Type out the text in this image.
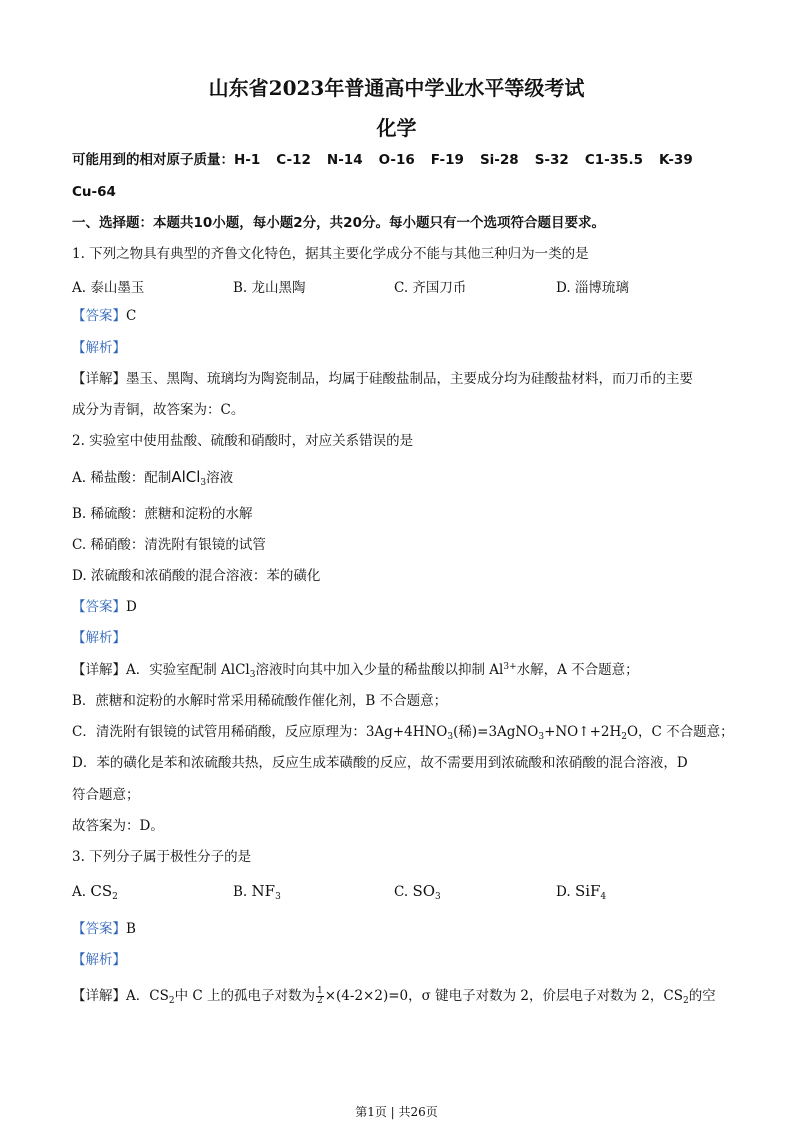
山东省2023年普通高中学业水平等级考试
化学
可能用到的相对原子质量：H-1 C-12 N-14 O-16 F-19 Si-28 S-32 C1-35.5 K-39
Cu-64
一、选择题：本题共10小题，每小题2分，共20分。每小题只有一个选项符合题目要求。
1. 下列之物具有典型的齐鲁文化特色，据其主要化学成分不能与其他三种归为一类的是
A. 泰山墨玉	B. 龙山黑陶	C. 齐国刀币	D. 淄博琉璃
【答案】C
【解析】
【详解】墨玉、黑陶、琉璃均为陶瓷制品，均属于硅酸盐制品，主要成分均为硅酸盐材料，而刀币的主要
成分为青铜，故答案为：C。
2. 实验室中使用盐酸、硫酸和硝酸时，对应关系错误的是
A. 稀盐酸：配制AlCl$_3$溶液
B. 稀硫酸：蔗糖和淀粉的水解
C. 稀硝酸：清洗附有银镜的试管
D. 浓硫酸和浓硝酸的混合溶液：苯的磺化
【答案】D
【解析】
【详解】A．实验室配制 AlCl$_3$溶液时向其中加入少量的稀盐酸以抑制 $Al^{3+}$水解，A 不合题意；
B．蔗糖和淀粉的水解时常采用稀硫酸作催化剂，B 不合题意；
C．清洗附有银镜的试管用稀硝酸，反应原理为：$3Ag+4HNO_3$(稀)$=3AgNO_3+NO↑+2H_2O$，C 不合题意；
D．苯的磺化是苯和浓硫酸共热，反应生成苯磺酸的反应，故不需要用到浓硫酸和浓硝酸的混合溶液，D
符合题意；
故答案为：D。
3. 下列分子属于极性分子的是
A. $CS_2$	B. $NF_3$	C. $SO_3$	D. SiF$_4$
【答案】B
【解析】
【详解】A．$CS_2$中 C 上的孤电子对数为 $\frac{1}{2} \times(4-2\times 2)=0$，σ 键电子对数为 2，价层电子对数为 2，$CS_2$的空
第1页 | 共26页
